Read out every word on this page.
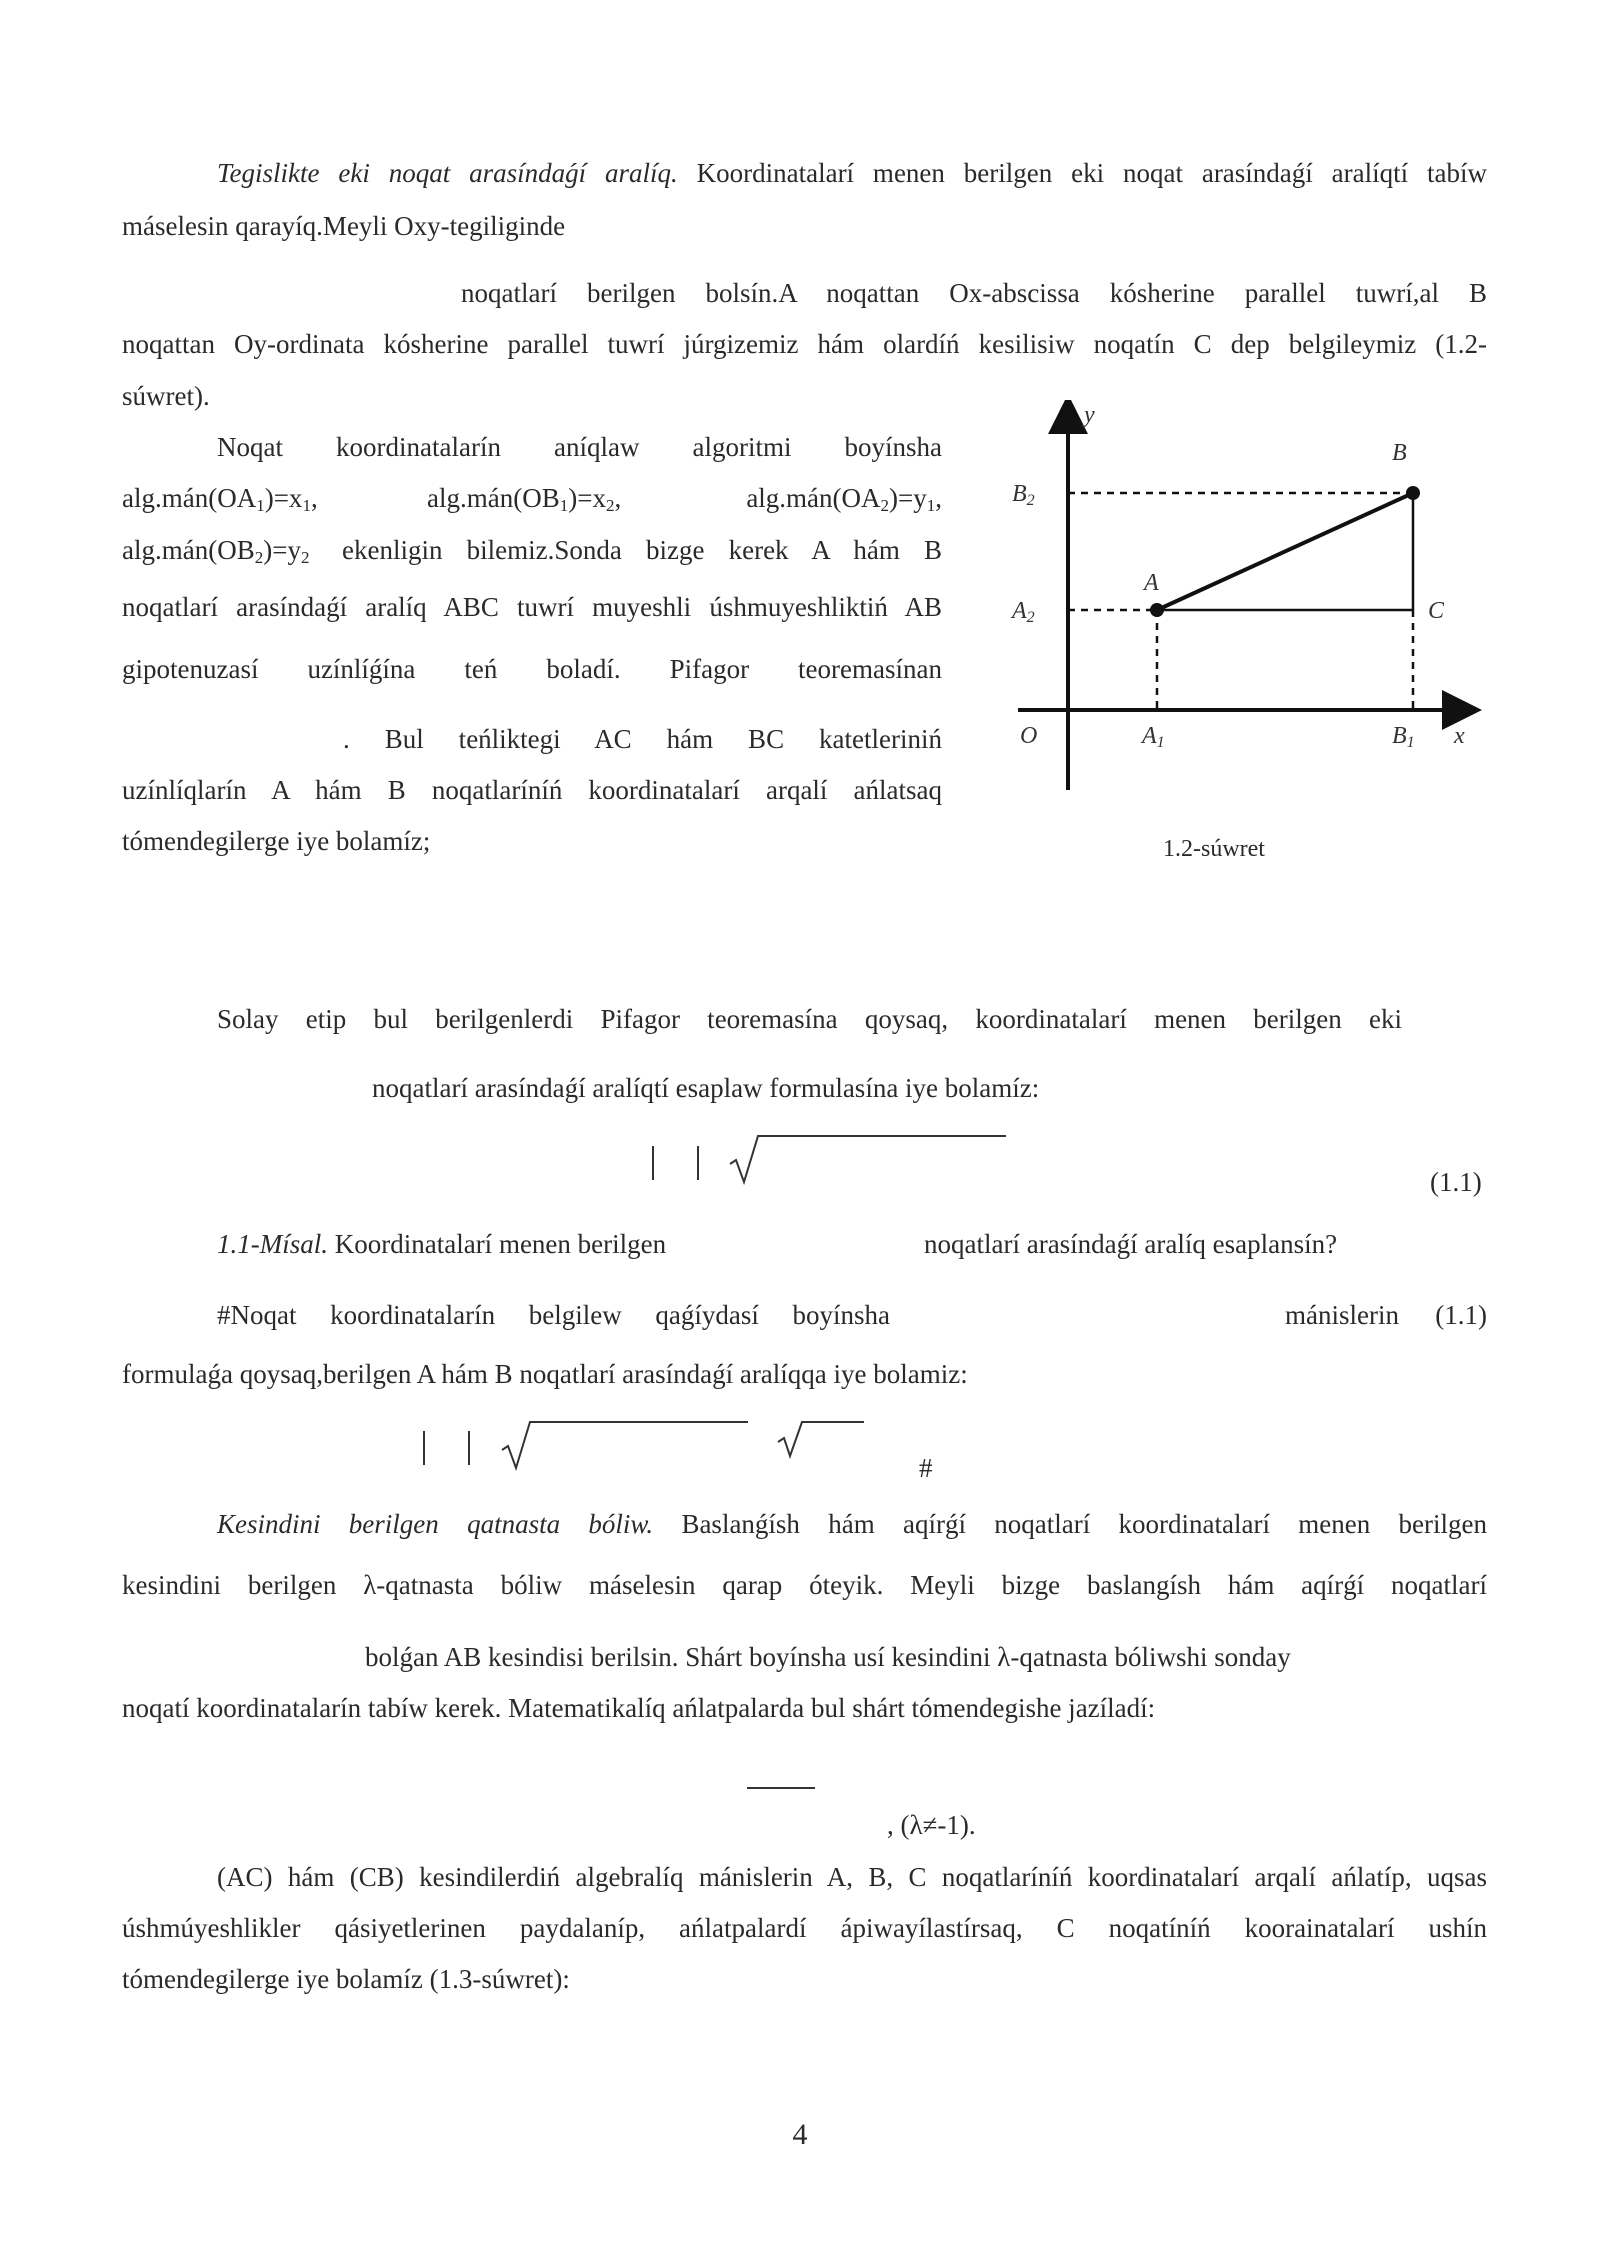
Tegislikte eki noqat arasíndaǵí aralíq. Koordinatalarí menen berilgen eki noqat arasíndaǵí aralíqtí tabíw
máselesin qarayíq.Meyli Oxy-tegiliginde
noqatlarí berilgen bolsín.A noqattan Ox-abscissa kósherine parallel tuwrí,al B
noqattan Oy-ordinata kósherine parallel tuwrí júrgizemiz hám olardíń kesilisiw noqatín C dep belgileymiz (1.2-
súwret).
Noqat koordinatalarín aníqlaw algoritmi boyínsha
$alg.mán(OA_1)=x_1$,	$alg.mán(OB_1)=x_2$,	$alg.mán(OA_2)=y_1$,
$alg.mán(OB_2)=y_2$ ekenligin bilemiz.Sonda bizge kerek A hám B
noqatlarí arasíndaǵí aralíq ABC tuwrí muyeshli úshmuyeshliktiń AB
gipotenuzasí uzínlíǵína teń boladí. Pifagor teoremasínan
. Bul teńliktegi AC hám BC katetleriniń
uzínlíqlarín A hám B noqatlaríníń koordinatalarí arqalí ańlatsaq
tómendegilerge iye bolamíz;
y
x
O
A
B
C
A1	B1
A2
B2
1.2-súwret
Solay etip bul berilgenlerdi Pifagor teoremasína qoysaq, koordinatalarí menen berilgen eki
noqatlarí arasíndaǵí aralíqtí esaplaw formulasína iye bolamíz:
(1.1)
1.1-Mísal. Koordinatalarí menen berilgen	noqatlarí arasíndaǵí aralíq esaplansín?
#Noqat koordinatalarín belgilew qaǵíydasí boyínsha	mánislerin (1.1)
formulaǵa qoysaq,berilgen A hám B noqatlarí arasíndaǵí aralíqqa iye bolamiz:
#
Kesindini berilgen qatnasta bóliw. Baslanǵísh hám aqírǵí noqatlarí koordinatalarí menen berilgen
kesindini berilgen λ-qatnasta bóliw máselesin qarap óteyik. Meyli bizge baslangísh hám aqírǵí noqatlarí
bolǵan AB kesindisi berilsin. Shárt boyínsha usí kesindini λ-qatnasta bóliwshi sonday
noqatí koordinatalarín tabíw kerek. Matematikalíq ańlatpalarda bul shárt tómendegishe jazíladí:
, (λ≠-1).
(AC) hám (CB) kesindilerdiń algebralíq mánislerin A, B, C noqatlaríníń koordinatalarí arqalí ańlatíp, uqsas
úshmúyeshlikler qásiyetlerinen paydalaníp, ańlatpalardí ápiwayílastírsaq, C noqatíníń koorainatalarí ushín
tómendegilerge iye bolamíz (1.3-súwret):
4
